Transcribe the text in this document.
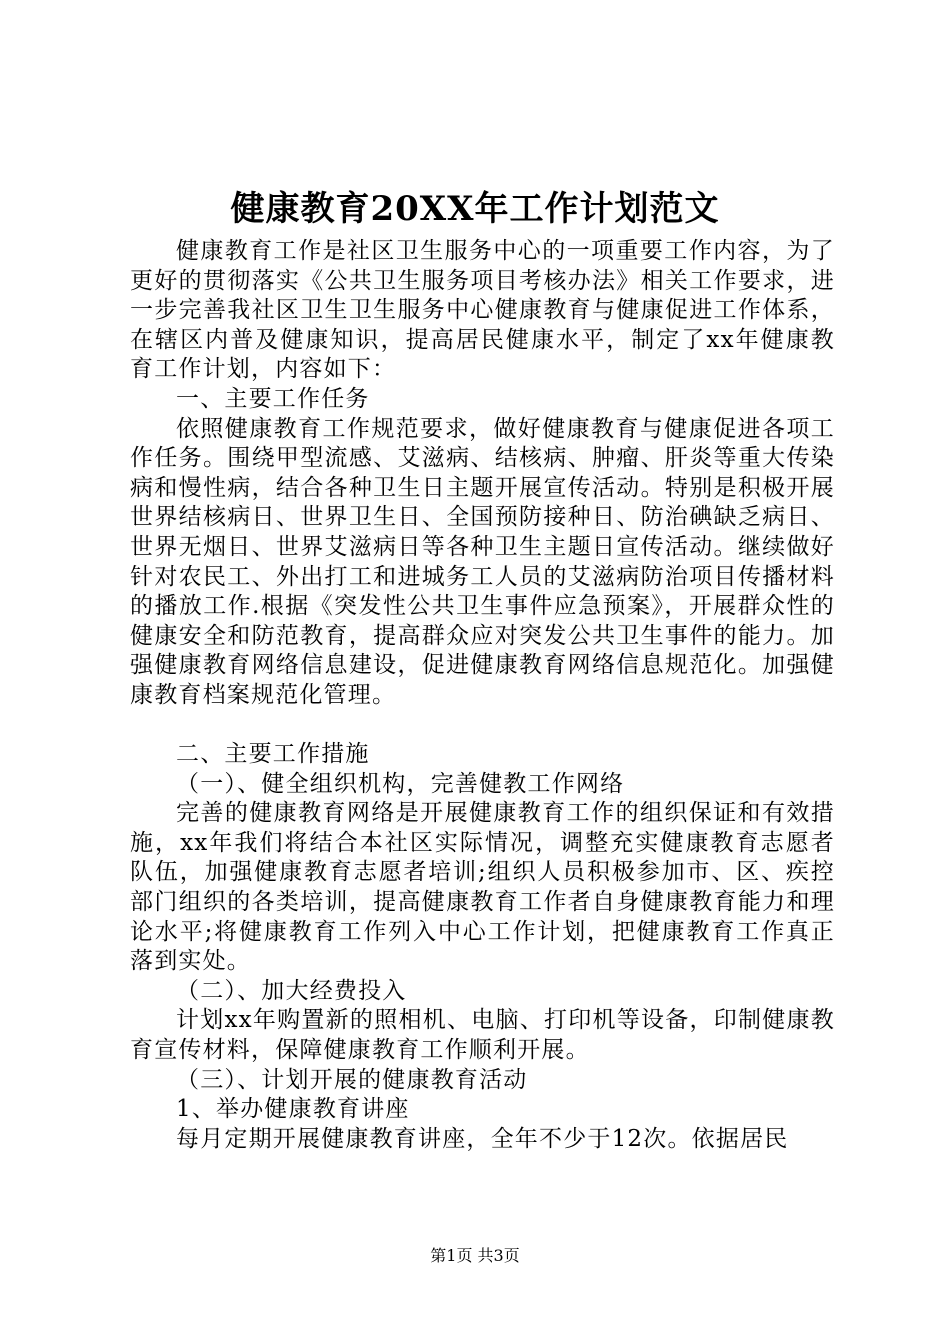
健康教育20XX年工作计划范文

健康教育工作是社区卫生服务中心的一项重要工作内容，为了更好的贯彻落实《公共卫生服务项目考核办法》相关工作要求，进一步完善我社区卫生卫生服务中心健康教育与健康促进工作体系，在辖区内普及健康知识，提高居民健康水平，制定了xx年健康教育工作计划，内容如下：

一、主要工作任务

依照健康教育工作规范要求，做好健康教育与健康促进各项工作任务。围绕甲型流感、艾滋病、结核病、肿瘤、肝炎等重大传染病和慢性病，结合各种卫生日主题开展宣传活动。特别是积极开展世界结核病日、世界卫生日、全国预防接种日、防治碘缺乏病日、世界无烟日、世界艾滋病日等各种卫生主题日宣传活动。继续做好针对农民工、外出打工和进城务工人员的艾滋病防治项目传播材料的播放工作.根据《突发性公共卫生事件应急预案》，开展群众性的健康安全和防范教育，提高群众应对突发公共卫生事件的能力。加强健康教育网络信息建设，促进健康教育网络信息规范化。加强健康教育档案规范化管理。

二、主要工作措施

（一）、健全组织机构，完善健教工作网络

完善的健康教育网络是开展健康教育工作的组织保证和有效措施，xx年我们将结合本社区实际情况，调整充实健康教育志愿者队伍，加强健康教育志愿者培训;组织人员积极参加市、区、疾控部门组织的各类培训，提高健康教育工作者自身健康教育能力和理论水平;将健康教育工作列入中心工作计划，把健康教育工作真正落到实处。

（二）、加大经费投入

计划xx年购置新的照相机、电脑、打印机等设备，印制健康教育宣传材料，保障健康教育工作顺利开展。

（三）、计划开展的健康教育活动

1、举办健康教育讲座

每月定期开展健康教育讲座，全年不少于12次。依据居民

第1页 共3页
